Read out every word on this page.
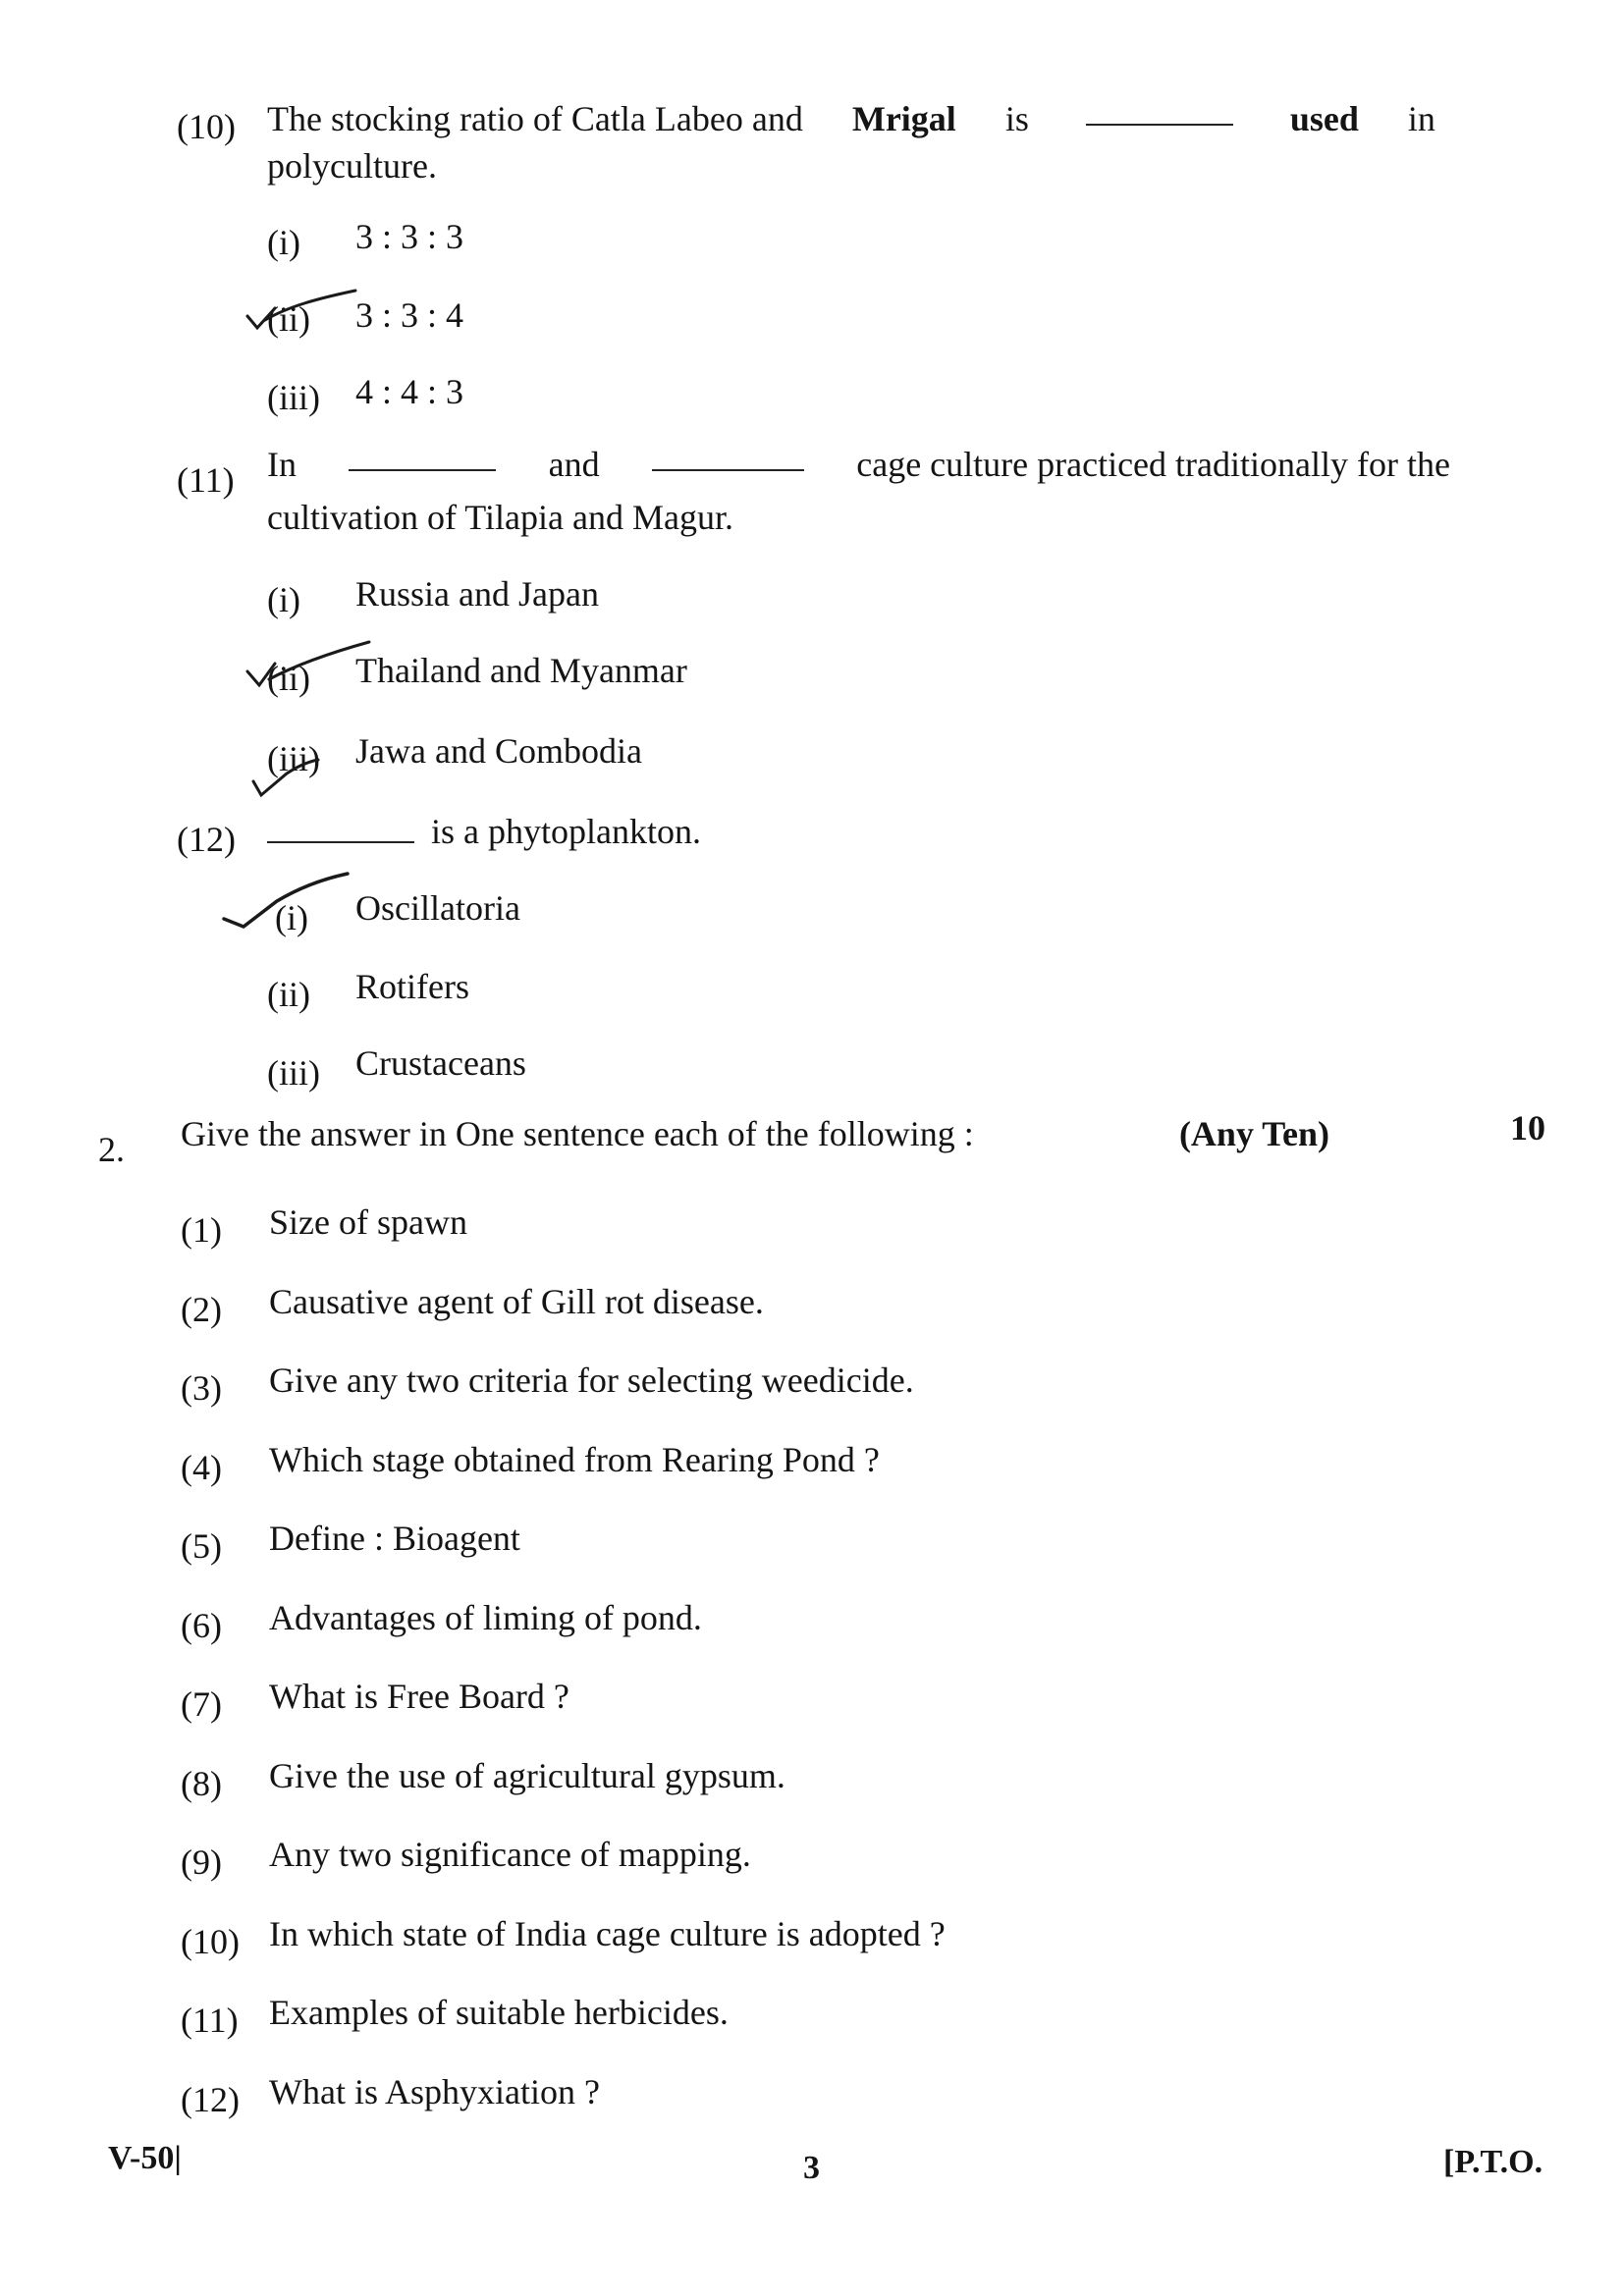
(10) The stocking ratio of Catla Labeo and Mrigal is	used in
polyculture.
(i) 3 : 3 : 3
(ii) 3 : 3 : 4
(iii) 4 : 4 : 3
(11) In	and	cage culture practiced traditionally for the
cultivation of Tilapia and Magur.
(i) Russia and Japan
(ii) Thailand and Myanmar
(iii) Jawa and Combodia
(12)	is a phytoplankton.
(i) Oscillatoria
(ii) Rotifers
(iii) Crustaceans
2. Give the answer in One sentence each of the following :	(Any Ten)	10
(1) Size of spawn
(2) Causative agent of Gill rot disease.
(3) Give any two criteria for selecting weedicide.
(4) Which stage obtained from Rearing Pond ?
(5) Define : Bioagent
(6) Advantages of liming of pond.
(7) What is Free Board ?
(8) Give the use of agricultural gypsum.
(9) Any two significance of mapping.
(10) In which state of India cage culture is adopted ?
(11) Examples of suitable herbicides.
(12) What is Asphyxiation ?
V-50|	3	[P.T.O.
